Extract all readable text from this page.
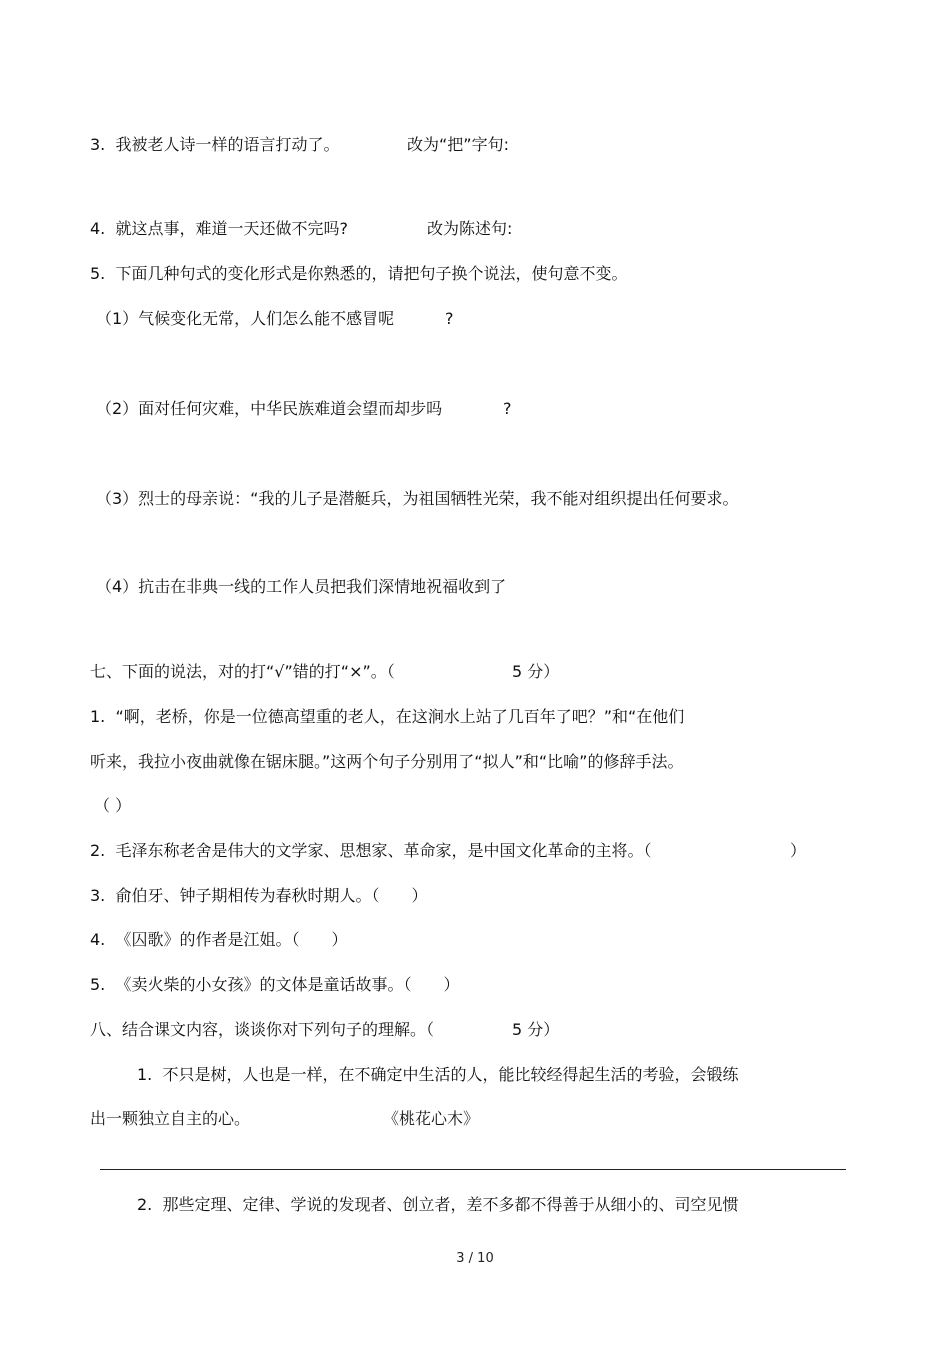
3.  我被老人诗一样的语言打动了。	改为“把”字句:
4.  就这点事，难道一天还做不完吗?	改为陈述句:
5.  下面几种句式的变化形式是你熟悉的，请把句子换个说法，使句意不变。
（1）气候变化无常，人们怎么能不感冒呢	?
（2）面对任何灾难，中华民族难道会望而却步吗	?
（3）烈士的母亲说：“我的儿子是潜艇兵，为祖国牺牲光荣，我不能对组织提出任何要求。
（4）抗击在非典一线的工作人员把我们深情地祝福收到了
七、下面的说法，对的打“√”错的打“×”。（	5 分）
1.  “啊，老桥，你是一位德高望重的老人，在这涧水上站了几百年了吧？”和“在他们
听来，我拉小夜曲就像在锯床腿。”这两个句子分别用了“拟人”和“比喻”的修辞手法。
（ ）
2.  毛泽东称老舍是伟大的文学家、思想家、革命家，是中国文化革命的主将。（	）
3.  俞伯牙、钟子期相传为春秋时期人。（　　）
4.  《囚歌》的作者是江姐。（　　）
5.  《卖火柴的小女孩》的文体是童话故事。（　　）
八、结合课文内容，谈谈你对下列句子的理解。（	5 分）
1.  不只是树，人也是一样，在不确定中生活的人，能比较经得起生活的考验，会锻练
出一颗独立自主的心。	《桃花心木》
2.  那些定理、定律、学说的发现者、创立者，差不多都不得善于从细小的、司空见惯
3 / 10
